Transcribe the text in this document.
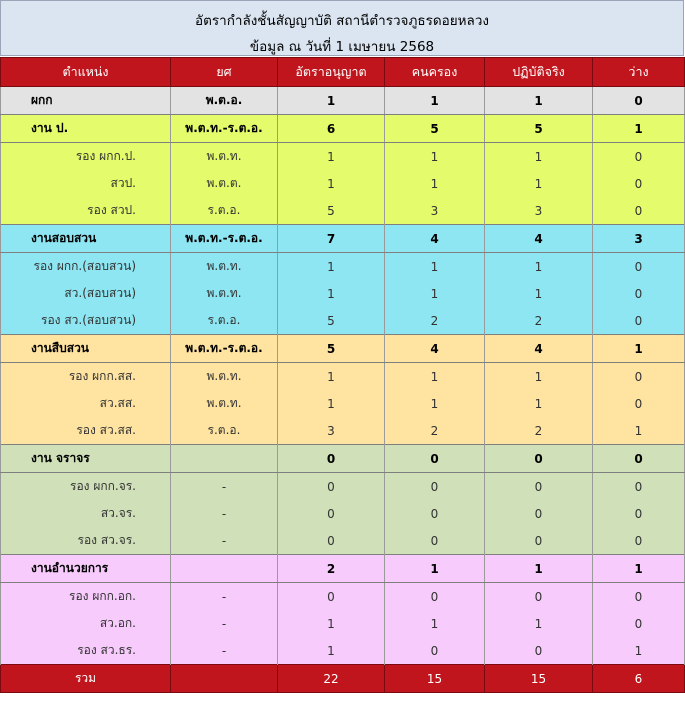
อัตรากำลังชั้นสัญญาบัติ สถานีตำรวจภูธรดอยหลวง
ข้อมูล ณ วันที่ 1 เมษายน 2568
ตำแหน่ง	ยศ	อัตราอนุญาต	คนครอง	ปฏิบัติจริง	ว่าง
ผกก	พ.ต.อ.	1	1	1	0
งาน ป.	พ.ต.ท.-ร.ต.อ.	6	5	5	1
รอง ผกก.ป.	พ.ต.ท.	1	1	1	0
สวป.	พ.ต.ต.	1	1	1	0
รอง สวป.	ร.ต.อ.	5	3	3	0
งานสอบสวน	พ.ต.ท.-ร.ต.อ.	7	4	4	3
รอง ผกก.(สอบสวน)	พ.ต.ท.	1	1	1	0
สว.(สอบสวน)	พ.ต.ท.	1	1	1	0
รอง สว.(สอบสวน)	ร.ต.อ.	5	2	2	0
งานสืบสวน	พ.ต.ท.-ร.ต.อ.	5	4	4	1
รอง ผกก.สส.	พ.ต.ท.	1	1	1	0
สว.สส.	พ.ต.ท.	1	1	1	0
รอง สว.สส.	ร.ต.อ.	3	2	2	1
งาน จราจร		0	0	0	0
รอง ผกก.จร.	-	0	0	0	0
สว.จร.	-	0	0	0	0
รอง สว.จร.	-	0	0	0	0
งานอำนวยการ		2	1	1	1
รอง ผกก.อก.	-	0	0	0	0
สว.อก.	-	1	1	1	0
รอง สว.ธร.	-	1	0	0	1
รวม		22	15	15	6
